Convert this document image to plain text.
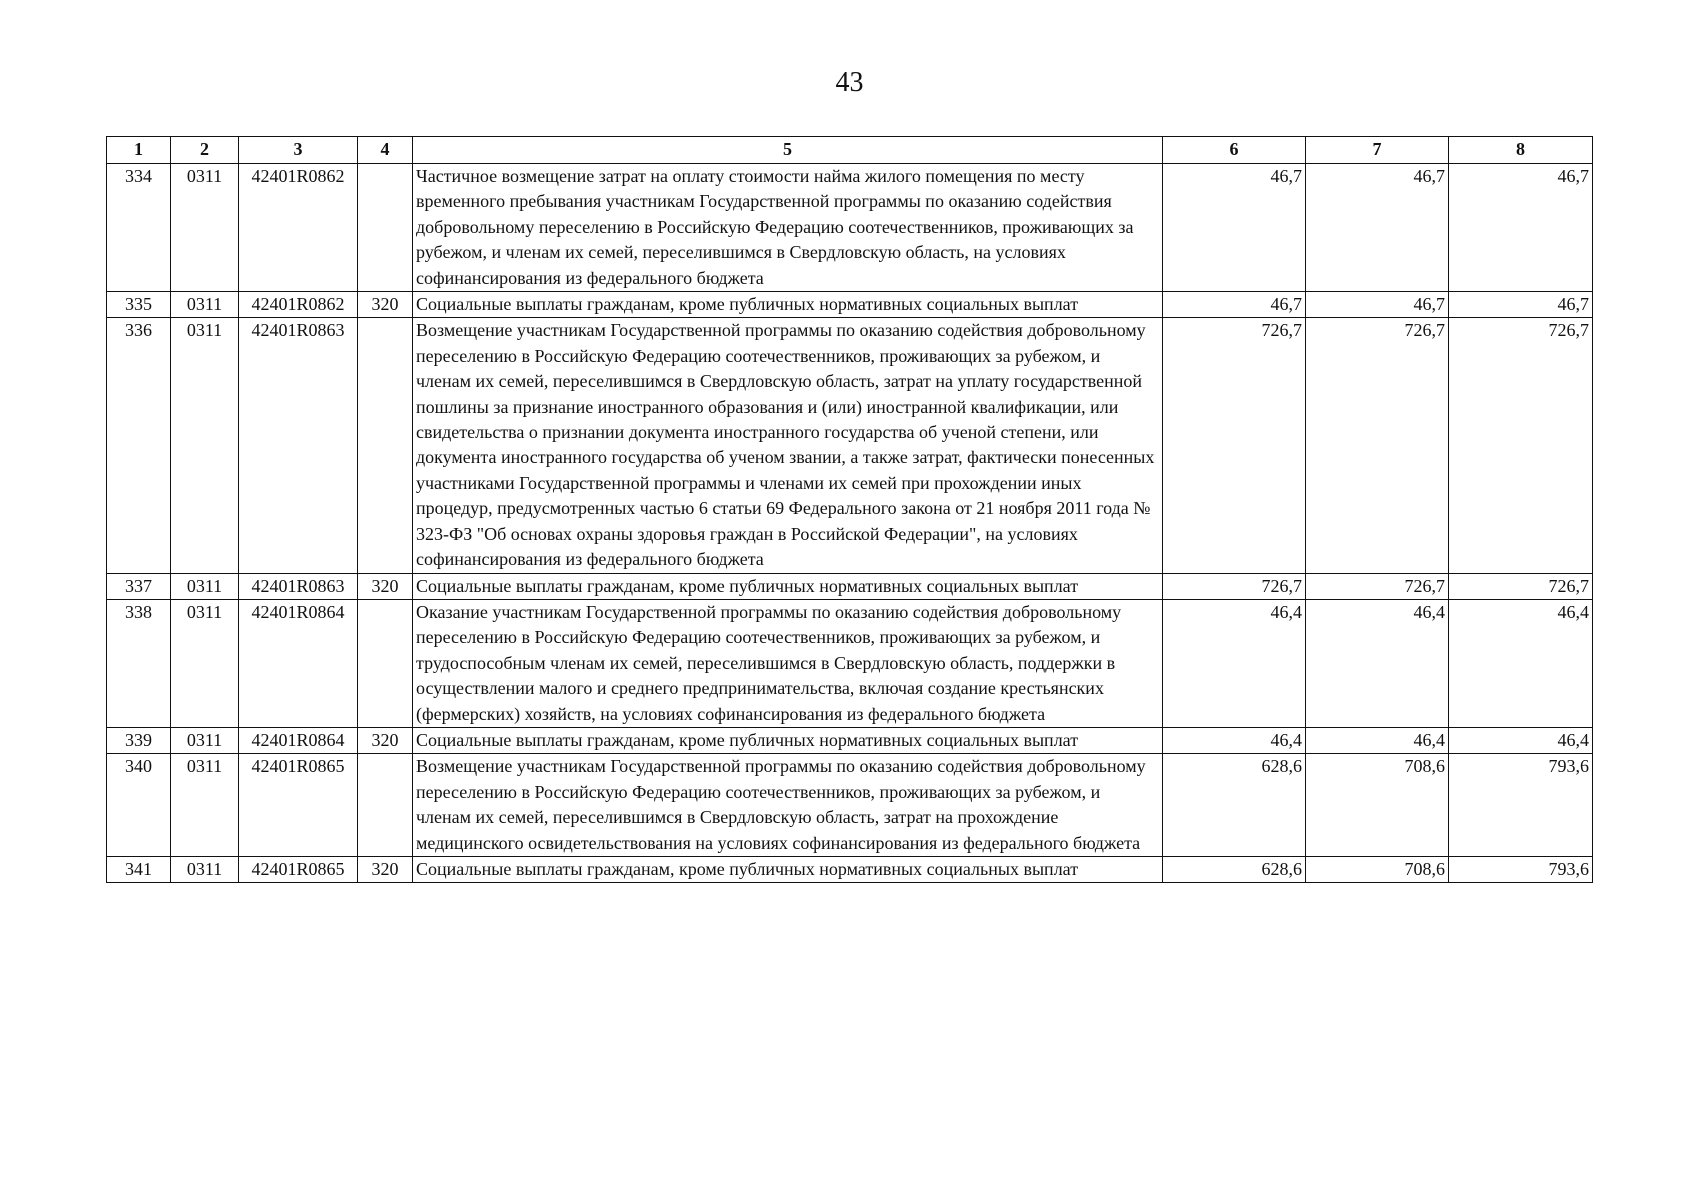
43
1	2	3	4	5	6	7	8
334	0311	42401R0862		Частичное возмещение затрат на оплату стоимости найма жилого помещения по месту временного пребывания участникам Государственной программы по оказанию содействия добровольному переселению в Российскую Федерацию соотечественников, проживающих за рубежом, и членам их семей, переселившимся в Свердловскую область, на условиях софинансирования из федерального бюджета	46,7	46,7	46,7
335	0311	42401R0862	320	Социальные выплаты гражданам, кроме публичных нормативных социальных выплат	46,7	46,7	46,7
336	0311	42401R0863		Возмещение участникам Государственной программы по оказанию содействия добровольному переселению в Российскую Федерацию соотечественников, проживающих за рубежом, и членам их семей, переселившимся в Свердловскую область, затрат на уплату государственной пошлины за признание иностранного образования и (или) иностранной квалификации, или свидетельства о признании документа иностранного государства об ученой степени, или документа иностранного государства об ученом звании, а также затрат, фактически понесенных участниками Государственной программы и членами их семей при прохождении иных процедур, предусмотренных частью 6 статьи 69 Федерального закона от 21 ноября 2011 года № 323-ФЗ "Об основах охраны здоровья граждан в Российской Федерации", на условиях софинансирования из федерального бюджета	726,7	726,7	726,7
337	0311	42401R0863	320	Социальные выплаты гражданам, кроме публичных нормативных социальных выплат	726,7	726,7	726,7
338	0311	42401R0864		Оказание участникам Государственной программы по оказанию содействия добровольному переселению в Российскую Федерацию соотечественников, проживающих за рубежом, и трудоспособным членам их семей, переселившимся в Свердловскую область, поддержки в осуществлении малого и среднего предпринимательства, включая создание крестьянских (фермерских) хозяйств, на условиях софинансирования из федерального бюджета	46,4	46,4	46,4
339	0311	42401R0864	320	Социальные выплаты гражданам, кроме публичных нормативных социальных выплат	46,4	46,4	46,4
340	0311	42401R0865		Возмещение участникам Государственной программы по оказанию содействия добровольному переселению в Российскую Федерацию соотечественников, проживающих за рубежом, и членам их семей, переселившимся в Свердловскую область, затрат на прохождение медицинского освидетельствования на условиях софинансирования из федерального бюджета	628,6	708,6	793,6
341	0311	42401R0865	320	Социальные выплаты гражданам, кроме публичных нормативных социальных выплат	628,6	708,6	793,6
